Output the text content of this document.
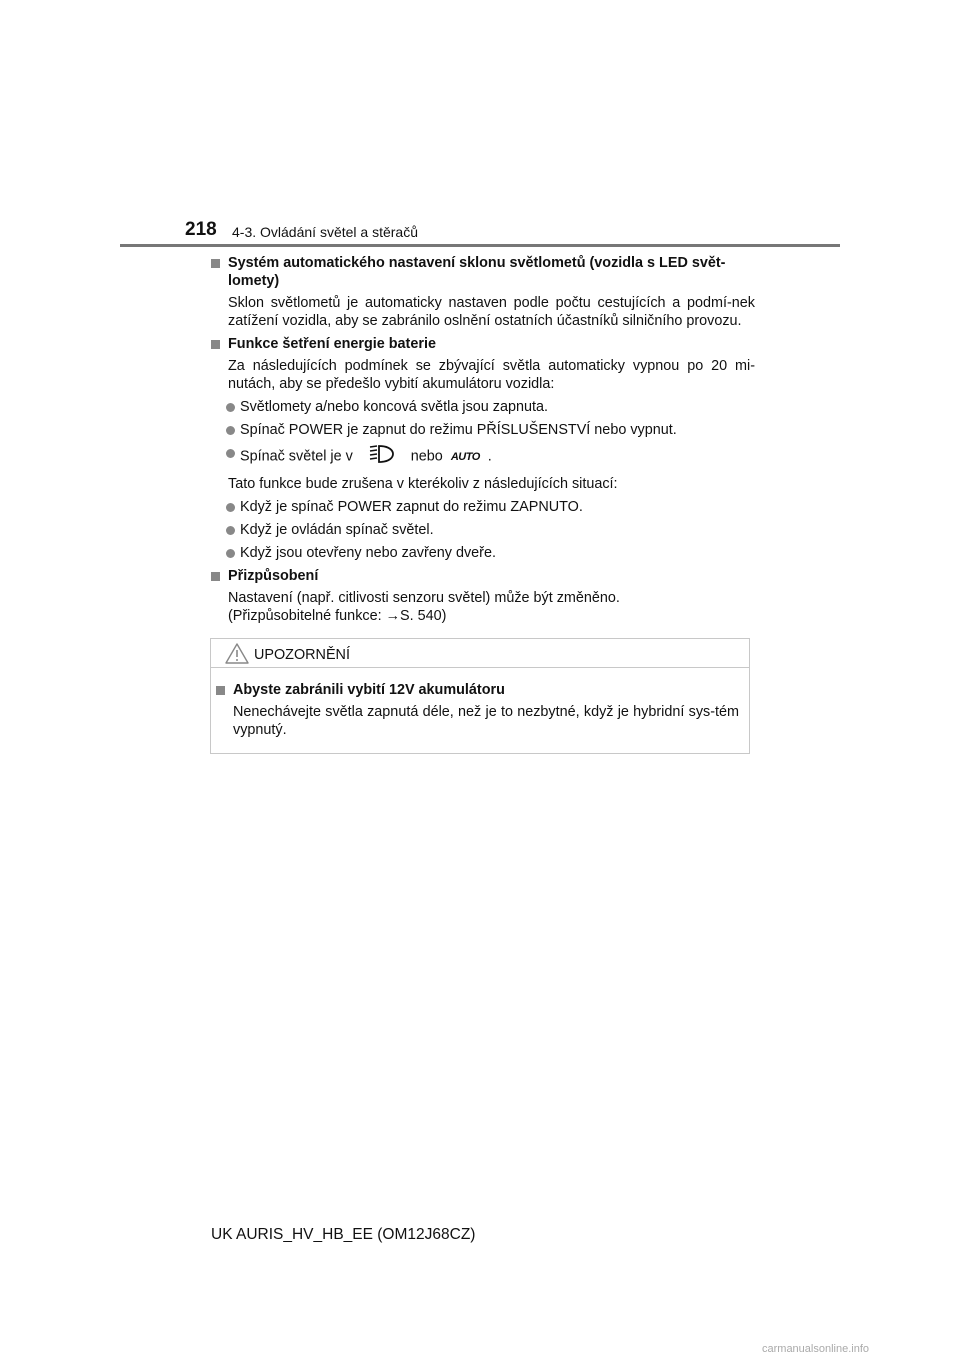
218 4-3. Ovládání světel a stěračů
Systém automatického nastavení sklonu světlometů (vozidla s LED svět-lomety)
Sklon světlometů je automaticky nastaven podle počtu cestujících a podmí-nek zatížení vozidla, aby se zabránilo oslnění ostatních účastníků silničního provozu.
Funkce šetření energie baterie
Za následujících podmínek se zbývající světla automaticky vypnou po 20 mi-nutách, aby se předešlo vybití akumulátoru vozidla:
Světlomety a/nebo koncová světla jsou zapnuta.
Spínač POWER je zapnut do režimu PŘÍSLUŠENSTVÍ nebo vypnut.
Spínač světel je v	nebo AUTO .
Tato funkce bude zrušena v kterékoliv z následujících situací:
Když je spínač POWER zapnut do režimu ZAPNUTO.
Když je ovládán spínač světel.
Když jsou otevřeny nebo zavřeny dveře.
Přizpůsobení
Nastavení (např. citlivosti senzoru světel) může být změněno.
(Přizpůsobitelné funkce: →S. 540)
UPOZORNĚNÍ
Abyste zabránili vybití 12V akumulátoru
Nenechávejte světla zapnutá déle, než je to nezbytné, když je hybridní sys-tém vypnutý.
UK AURIS_HV_HB_EE (OM12J68CZ)
carmanualsonline.info
